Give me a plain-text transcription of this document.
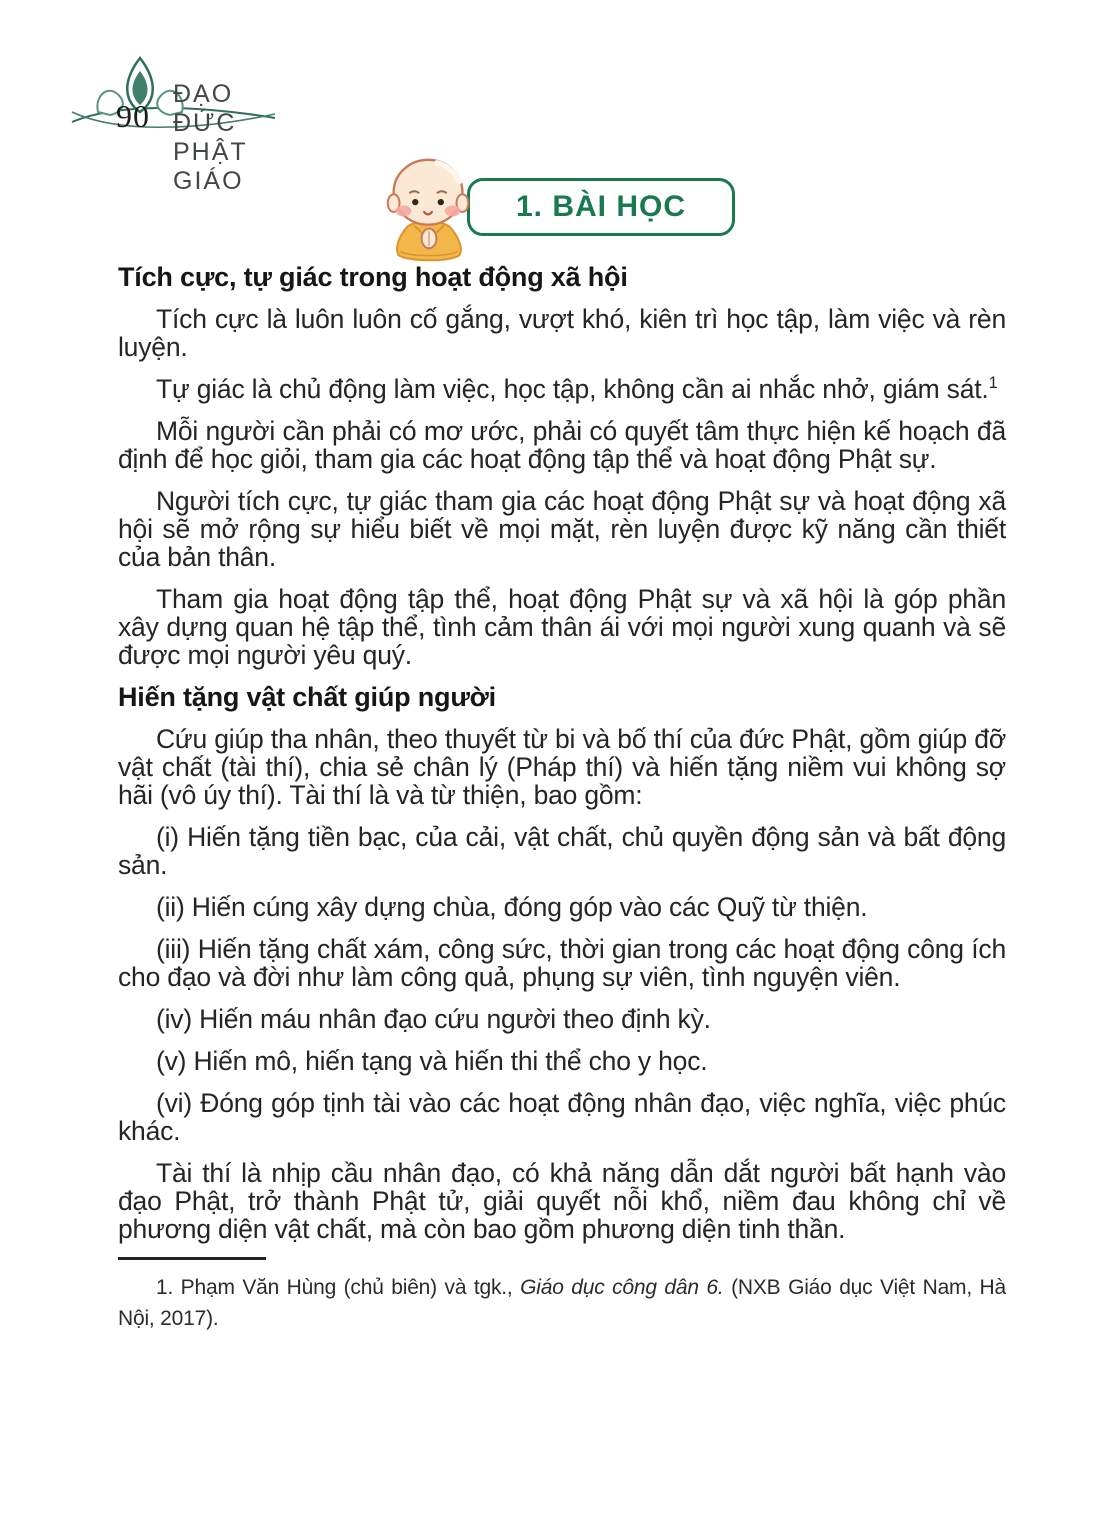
90
ĐẠO ĐỨC PHẬT GIÁO
1. BÀI HỌC
Tích cực, tự giác trong hoạt động xã hội

Tích cực là luôn luôn cố gắng, vượt khó, kiên trì học tập, làm việc và rèn luyện.

Tự giác là chủ động làm việc, học tập, không cần ai nhắc nhở, giám sát.$^1$

Mỗi người cần phải có mơ ước, phải có quyết tâm thực hiện kế hoạch đã định để học giỏi, tham gia các hoạt động tập thể và hoạt động Phật sự.

Người tích cực, tự giác tham gia các hoạt động Phật sự và hoạt động xã hội sẽ mở rộng sự hiểu biết về mọi mặt, rèn luyện được kỹ năng cần thiết của bản thân.

Tham gia hoạt động tập thể, hoạt động Phật sự và xã hội là góp phần xây dựng quan hệ tập thể, tình cảm thân ái với mọi người xung quanh và sẽ được mọi người yêu quý.

Hiến tặng vật chất giúp người

Cứu giúp tha nhân, theo thuyết từ bi và bố thí của đức Phật, gồm giúp đỡ vật chất (tài thí), chia sẻ chân lý (Pháp thí) và hiến tặng niềm vui không sợ hãi (vô úy thí). Tài thí là và từ thiện, bao gồm:

(i) Hiến tặng tiền bạc, của cải, vật chất, chủ quyền động sản và bất động sản.

(ii) Hiến cúng xây dựng chùa, đóng góp vào các Quỹ từ thiện.

(iii) Hiến tặng chất xám, công sức, thời gian trong các hoạt động công ích cho đạo và đời như làm công quả, phụng sự viên, tình nguyện viên.

(iv) Hiến máu nhân đạo cứu người theo định kỳ.

(v) Hiến mô, hiến tạng và hiến thi thể cho y học.

(vi) Đóng góp tịnh tài vào các hoạt động nhân đạo, việc nghĩa, việc phúc khác.

Tài thí là nhịp cầu nhân đạo, có khả năng dẫn dắt người bất hạnh vào đạo Phật, trở thành Phật tử, giải quyết nỗi khổ, niềm đau không chỉ về phương diện vật chất, mà còn bao gồm phương diện tinh thần.

1. Phạm Văn Hùng (chủ biên) và tgk., Giáo dục công dân 6. (NXB Giáo dục Việt Nam, Hà Nội, 2017).
